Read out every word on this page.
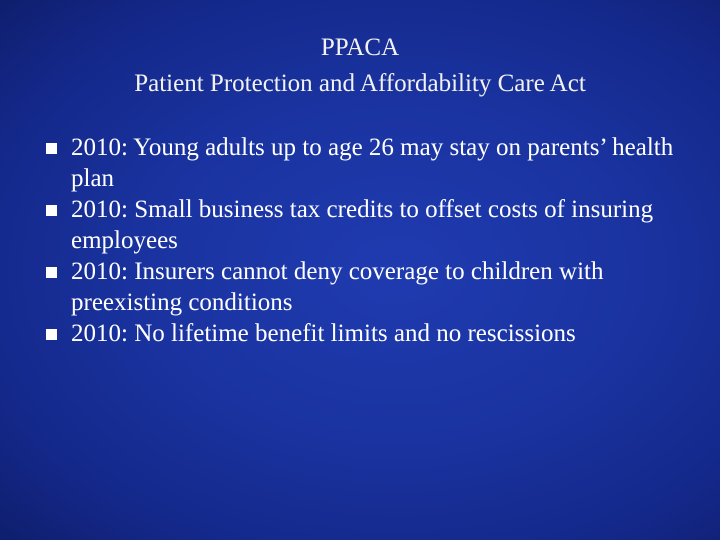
PPACA
Patient Protection and Affordability Care Act
2010: Young adults up to age 26 may stay on parents’ health plan
2010: Small business tax credits to offset costs of insuring employees
2010: Insurers cannot deny coverage to children with preexisting conditions
2010: No lifetime benefit limits and no rescissions
